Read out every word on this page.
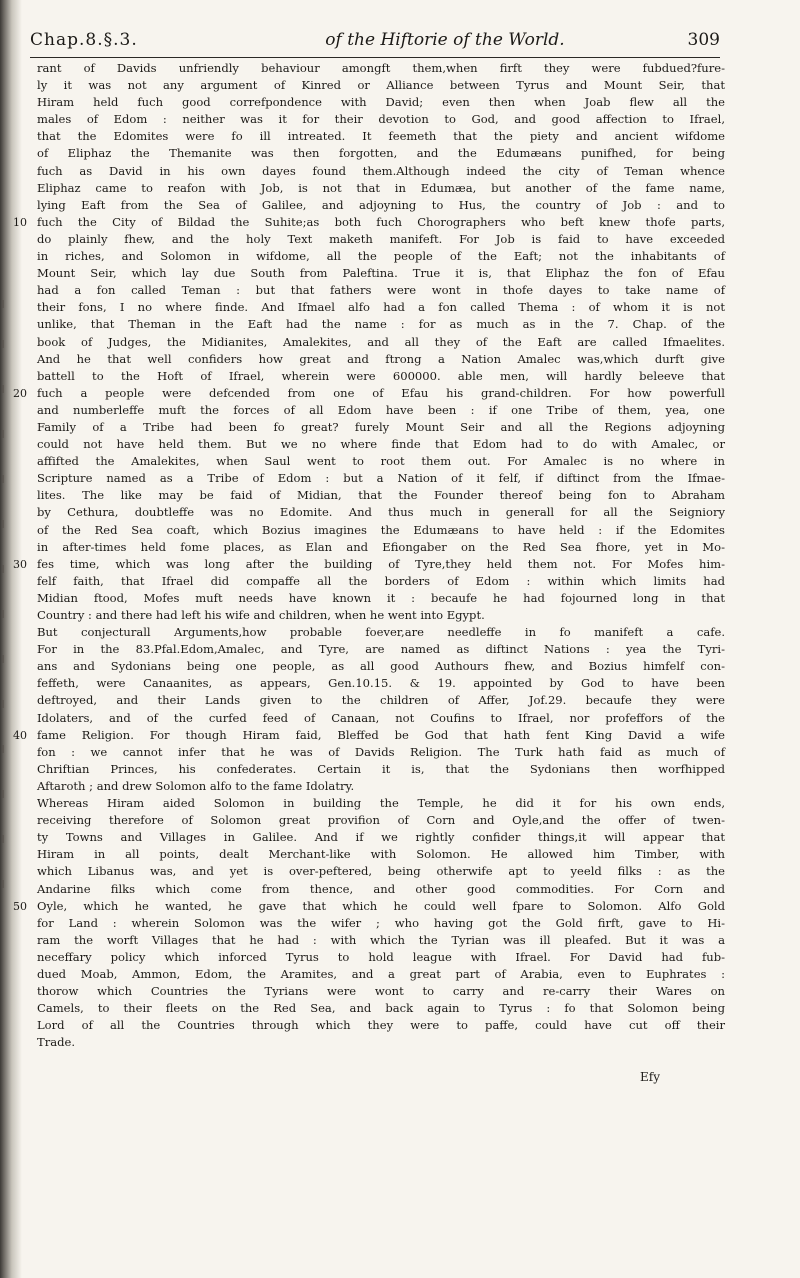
Chap.8.§.3.	of the Hiftorie of the World.	309
rant of Davids unfriendly behaviour amongft them,when firft they were fubdued?fure-
ly it was not any argument of Kinred or Alliance between Tyrus and Mount Seir, that
Hiram held fuch good correfpondence with David; even then when Joab flew all the
males of Edom : neither was it for their devotion to God, and good affection to Ifrael,
that the Edomites were fo ill intreated. It feemeth that the piety and ancient wifdome
of Eliphaz the Themanite was then forgotten, and the Edumæans punifhed, for being
fuch as David in his own dayes found them.Although indeed the city of Teman whence
Eliphaz came to reafon with Job, is not that in Edumæa, but another of the fame name,
lying Eaft from the Sea of Galilee, and adjoyning to Hus, the country of Job : and to
10 fuch the City of Bildad the Suhite;as both fuch Chorographers who beft knew thofe parts,
do plainly fhew, and the holy Text maketh manifeft. For Job is faid to have exceeded
in riches, and Solomon in wifdome, all the people of the Eaft; not the inhabitants of
Mount Seir, which lay due South from Paleftina. True it is, that Eliphaz the fon of Efau
had a fon called Teman : but that fathers were wont in thofe dayes to take name of
their fons, I no where finde. And Ifmael alfo had a fon called Thema : of whom it is not
unlike, that Theman in the Eaft had the name : for as much as in the 7. Chap. of the
book of Judges, the Midianites, Amalekites, and all they of the Eaft are called Ifmaelites.
And he that well confiders how great and ftrong a Nation Amalec was,which durft give
battell to the Hoft of Ifrael, wherein were 600000. able men, will hardly beleeve that
20 fuch a people were defcended from one of Efau his grand-children. For how powerfull
and numberleffe muft the forces of all Edom have been : if one Tribe of them, yea, one
Family of a Tribe had been fo great? furely Mount Seir and all the Regions adjoyning
could not have held them. But we no where finde that Edom had to do with Amalec, or
affifted the Amalekites, when Saul went to root them out. For Amalec is no where in
Scripture named as a Tribe of Edom : but a Nation of it felf, if diftinct from the Ifmae-
lites. The like may be faid of Midian, that the Founder thereof being fon to Abraham
by Cethura, doubtleffe was no Edomite. And thus much in generall for all the Seigniory
of the Red Sea coaft, which Bozius imagines the Edumæans to have held : if the Edomites
in after-times held fome places, as Elan and Efiongaber on the Red Sea fhore, yet in Mo-
30 fes time, which was long after the building of Tyre,they held them not. For Mofes him-
felf faith, that Ifrael did compaffe all the borders of Edom : within which limits had
Midian ftood, Mofes muft needs have known it : becaufe he had fojourned long in that
Country : and there had left his wife and children, when he went into Egypt.
But conjecturall Arguments,how probable foever,are needleffe in fo manifeft a cafe.
For in the 83.Pfal.Edom,Amalec, and Tyre, are named as diftinct Nations : yea the Tyri-
ans and Sydonians being one people, as all good Authours fhew, and Bozius himfelf con-
feffeth, were Canaanites, as appears, Gen.10.15. & 19. appointed by God to have been
deftroyed, and their Lands given to the children of Affer, Jof.29. becaufe they were
Idolaters, and of the curfed feed of Canaan, not Coufins to Ifrael, nor profeffors of the
40 fame Religion. For though Hiram faid, Bleffed be God that hath fent King David a wife
fon : we cannot infer that he was of Davids Religion. The Turk hath faid as much of
Chriftian Princes, his confederates. Certain it is, that the Sydonians then worfhipped
Aftaroth ; and drew Solomon alfo to the fame Idolatry.
Whereas Hiram aided Solomon in building the Temple, he did it for his own ends,
receiving therefore of Solomon great provifion of Corn and Oyle,and the offer of twen-
ty Towns and Villages in Galilee. And if we rightly confider things,it will appear that
Hiram in all points, dealt Merchant-like with Solomon. He allowed him Timber, with
which Libanus was, and yet is over-peftered, being otherwife apt to yeeld filks : as the
Andarine filks which come from thence, and other good commodities. For Corn and
50 Oyle, which he wanted, he gave that which he could well fpare to Solomon. Alfo Gold
for Land : wherein Solomon was the wifer ; who having got the Gold firft, gave to Hi-
ram the worft Villages that he had : with which the Tyrian was ill pleafed. But it was a
neceffary policy which inforced Tyrus to hold league with Ifrael. For David had fub-
dued Moab, Ammon, Edom, the Aramites, and a great part of Arabia, even to Euphrates :
thorow which Countries the Tyrians were wont to carry and re-carry their Wares on
Camels, to their fleets on the Red Sea, and back again to Tyrus : fo that Solomon being
Lord of all the Countries through which they were to paffe, could have cut off their
Trade.
Efy
